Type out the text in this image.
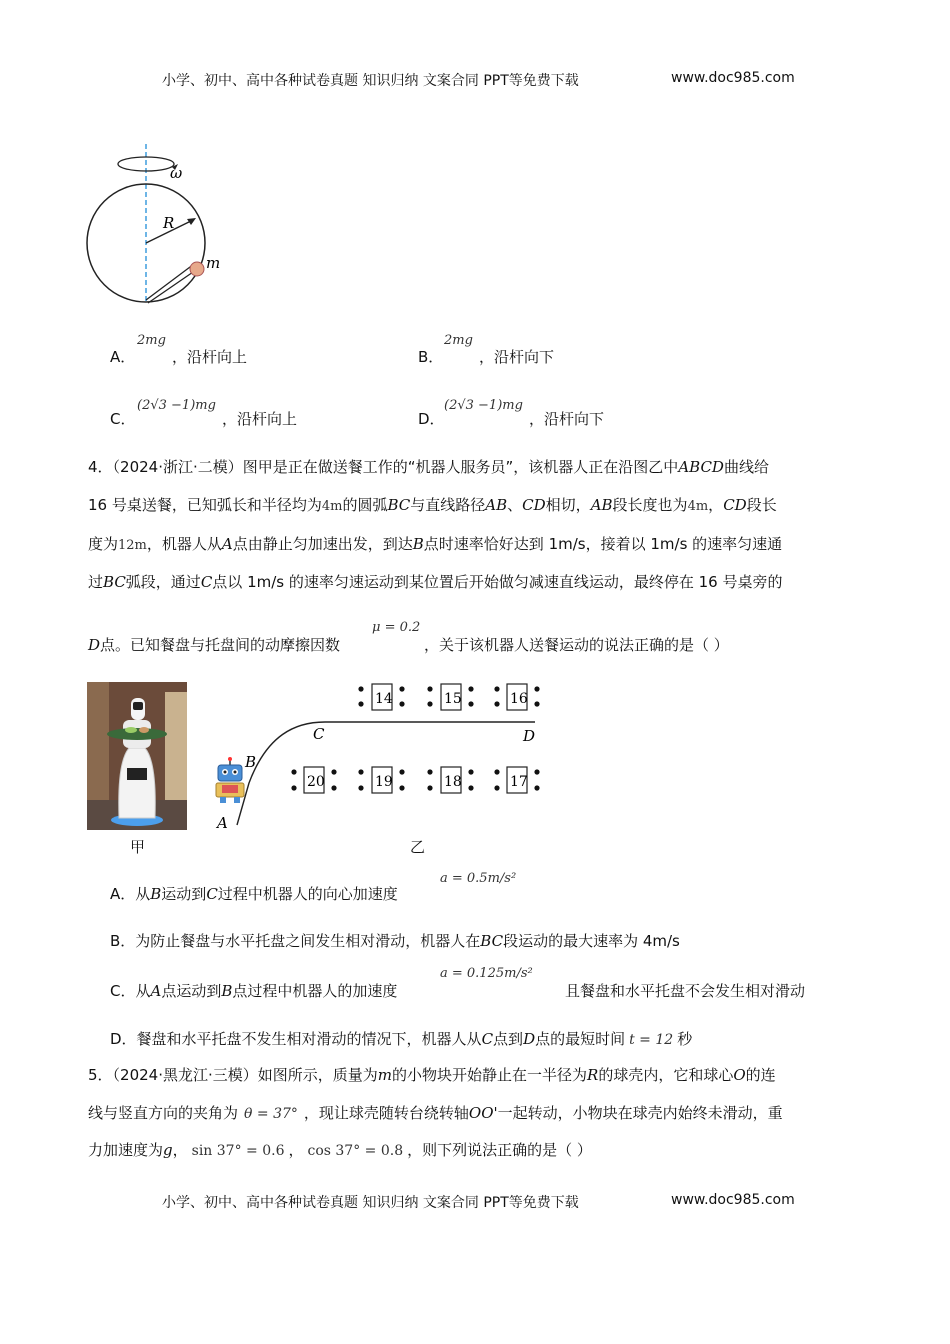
小学、初中、高中各种试卷真题 知识归纳 文案合同 PPT等免费下载	www.doc985.com
ω
R
m
A．
2mg
，沿杆向上	B．
2mg
，沿杆向下
C．
(2√3 −1)mg
，沿杆向上	D．
(2√3 −1)mg
，沿杆向下
4．（2024·浙江·二模）图甲是正在做送餐工作的“机器人服务员”，该机器人正在沿图乙中ABCD曲线给
16 号桌送餐，已知弧长和半径均为4m的圆弧BC与直线路径AB、CD相切，AB段长度也为4m，CD段长
度为12m，机器人从A点由静止匀加速出发，到达B点时速率恰好达到 1m/s，接着以 1m/s 的速率匀速通
过BC弧段，通过C点以 1m/s 的速率匀速运动到某位置后开始做匀减速直线运动，最终停在 16 号桌旁的
D点。已知餐盘与托盘间的动摩擦因数
μ = 0.2
，关于该机器人送餐运动的说法正确的是（ ）
甲
A
B
C	D
14	15	16
20	19	18	17
乙
A．从B运动到C过程中机器人的向心加速度
a = 0.5m/s²
B．为防止餐盘与水平托盘之间发生相对滑动，机器人在BC段运动的最大速率为 4m/s
C．从A点运动到B点过程中机器人的加速度
a = 0.125m/s²
且餐盘和水平托盘不会发生相对滑动
D．餐盘和水平托盘不发生相对滑动的情况下，机器人从C点到D点的最短时间 t = 12 秒
5．（2024·黑龙江·三模）如图所示，质量为m的小物块开始静止在一半径为R的球壳内，它和球心O的连
线与竖直方向的夹角为 θ = 37° ，现让球壳随转台绕转轴OO'一起转动，小物块在球壳内始终未滑动，重
力加速度为g， sin 37° = 0.6 ， cos 37° = 0.8 ，则下列说法正确的是（ ）
小学、初中、高中各种试卷真题 知识归纳 文案合同 PPT等免费下载	www.doc985.com
